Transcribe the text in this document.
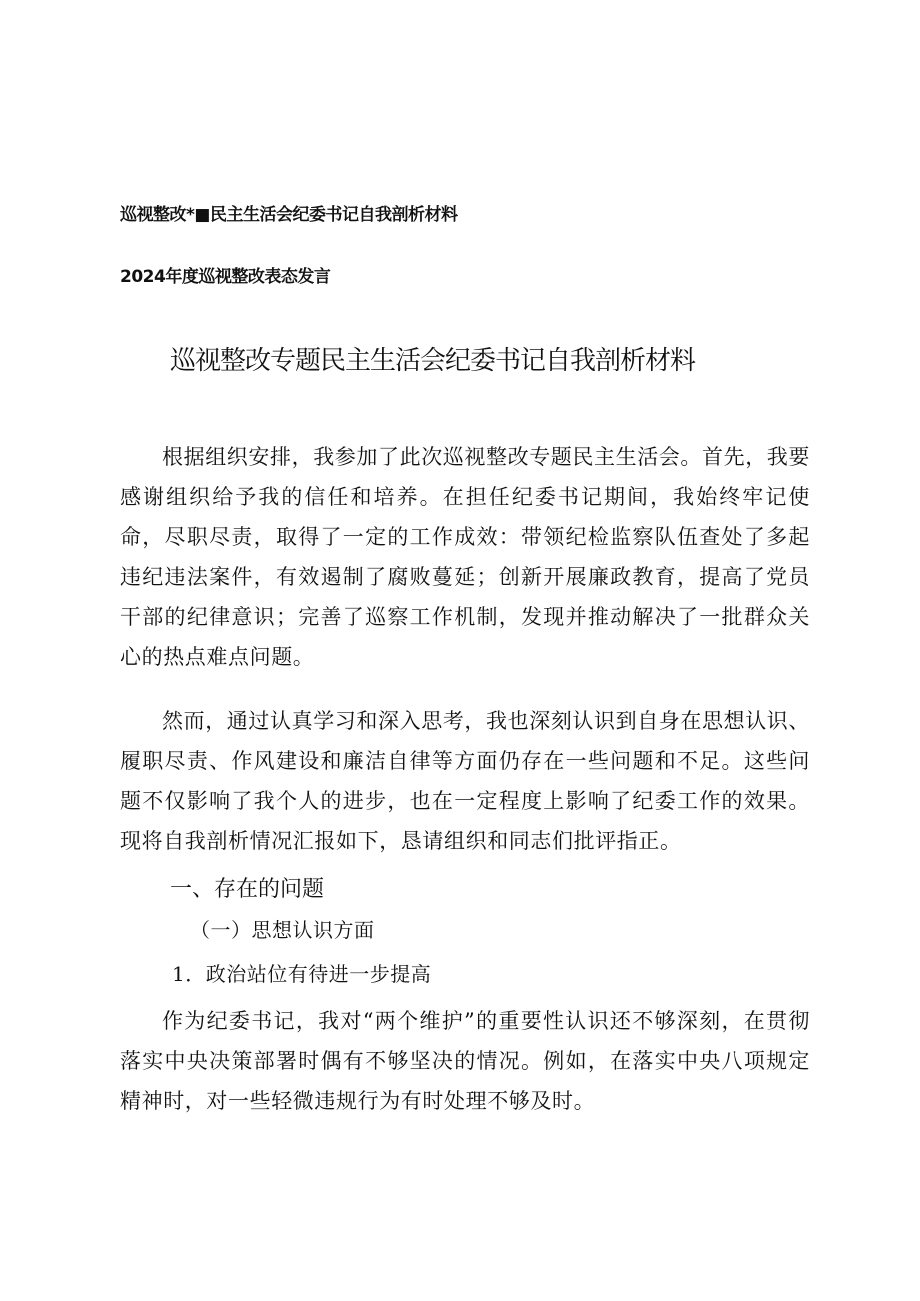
巡视整改*■民主生活会纪委书记自我剖析材料
2024年度巡视整改表态发言
巡视整改专题民主生活会纪委书记自我剖析材料

根据组织安排，我参加了此次巡视整改专题民主生活会。首先，我要感谢组织给予我的信任和培养。在担任纪委书记期间，我始终牢记使命，尽职尽责，取得了一定的工作成效：带领纪检监察队伍查处了多起违纪违法案件，有效遏制了腐败蔓延；创新开展廉政教育，提高了党员干部的纪律意识；完善了巡察工作机制，发现并推动解决了一批群众关心的热点难点问题。

然而，通过认真学习和深入思考，我也深刻认识到自身在思想认识、履职尽责、作风建设和廉洁自律等方面仍存在一些问题和不足。这些问题不仅影响了我个人的进步，也在一定程度上影响了纪委工作的效果。现将自我剖析情况汇报如下，恳请组织和同志们批评指正。

一、存在的问题
（一）思想认识方面
1．政治站位有待进一步提高

作为纪委书记，我对“两个维护”的重要性认识还不够深刻，在贯彻落实中央决策部署时偶有不够坚决的情况。例如，在落实中央八项规定精神时，对一些轻微违规行为有时处理不够及时。
